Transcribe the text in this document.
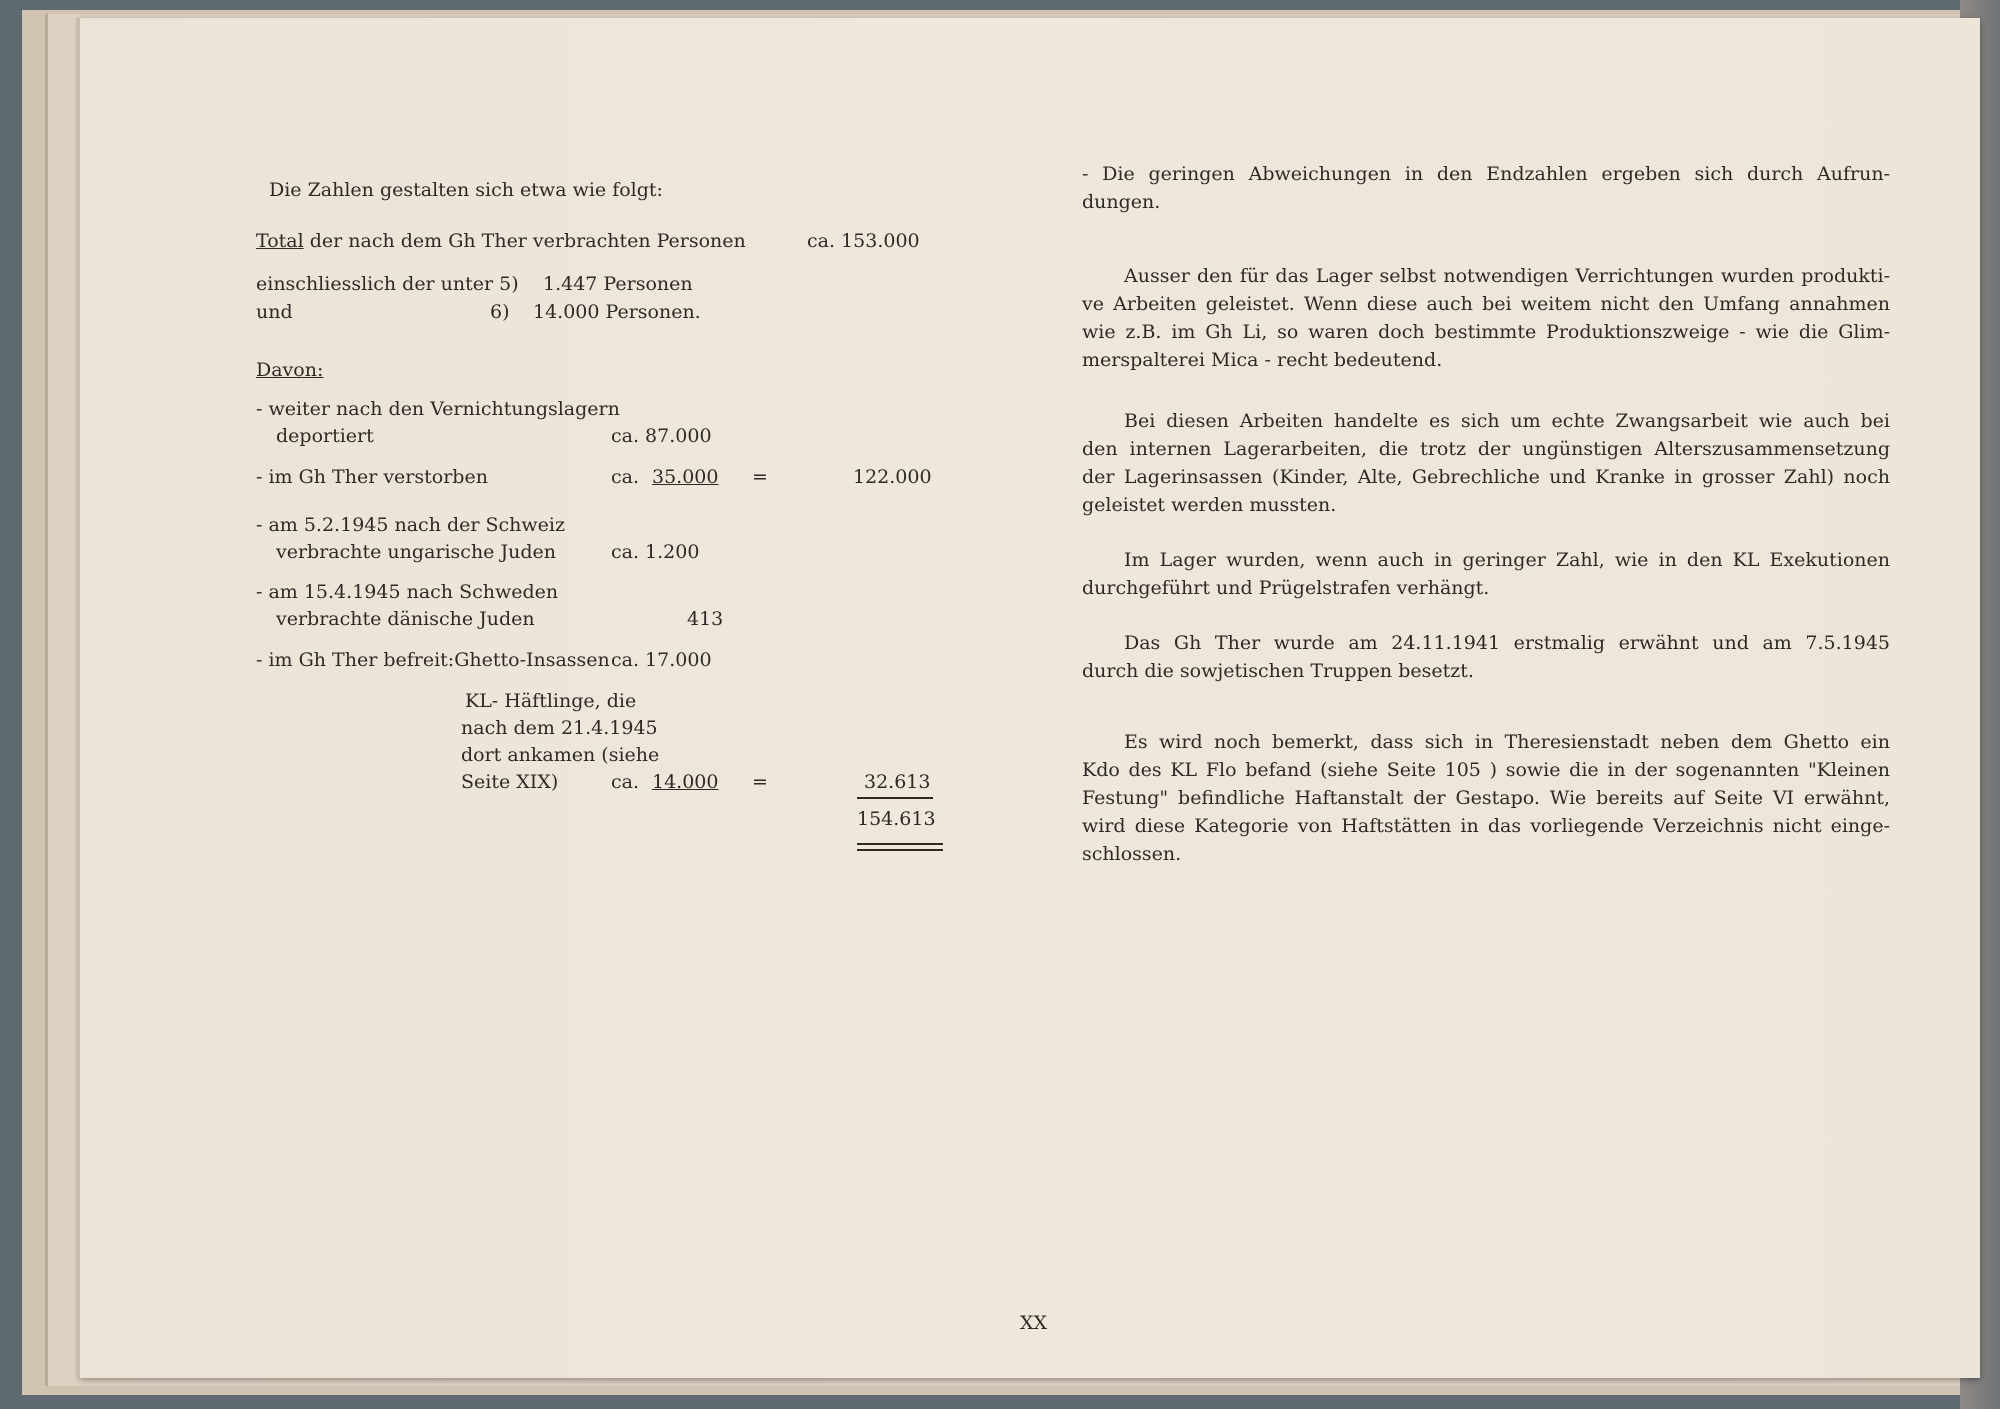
Die Zahlen gestalten sich etwa wie folgt:
Total der nach dem Gh Ther verbrachten Personen	ca. 153.000
einschliesslich der unter 5) 1.447 Personen
und	6) 14.000 Personen.
Davon:
- weiter nach den Vernichtungslagern
deportiert	ca. 87.000
- im Gh Ther verstorben	ca. 35.000 =	122.000
- am 5.2.1945 nach der Schweiz
verbrachte ungarische Juden	ca. 1.200
- am 15.4.1945 nach Schweden
verbrachte dänische Juden	413
- im Gh Ther befreit:Ghetto-Insassen ca. 17.000
KL- Häftlinge, die
nach dem 21.4.1945
dort ankamen (siehe
Seite XIX)	ca. 14.000 =	32.613
154.613
- Die geringen Abweichungen in den Endzahlen ergeben sich durch Aufrun-
dungen.
Ausser den für das Lager selbst notwendigen Verrichtungen wurden produkti-
ve Arbeiten geleistet. Wenn diese auch bei weitem nicht den Umfang annahmen
wie z.B. im Gh Li, so waren doch bestimmte Produktionszweige - wie die Glim-
merspalterei Mica - recht bedeutend.
Bei diesen Arbeiten handelte es sich um echte Zwangsarbeit wie auch bei
den internen Lagerarbeiten, die trotz der ungünstigen Alterszusammensetzung
der Lagerinsassen (Kinder, Alte, Gebrechliche und Kranke in grosser Zahl) noch
geleistet werden mussten.
Im Lager wurden, wenn auch in geringer Zahl, wie in den KL Exekutionen
durchgeführt und Prügelstrafen verhängt.
Das Gh Ther wurde am 24.11.1941 erstmalig erwähnt und am 7.5.1945
durch die sowjetischen Truppen besetzt.
Es wird noch bemerkt, dass sich in Theresienstadt neben dem Ghetto ein
Kdo des KL Flo befand (siehe Seite 105 ) sowie die in der sogenannten "Kleinen
Festung" befindliche Haftanstalt der Gestapo. Wie bereits auf Seite VI erwähnt,
wird diese Kategorie von Haftstätten in das vorliegende Verzeichnis nicht einge-
schlossen.
XX
